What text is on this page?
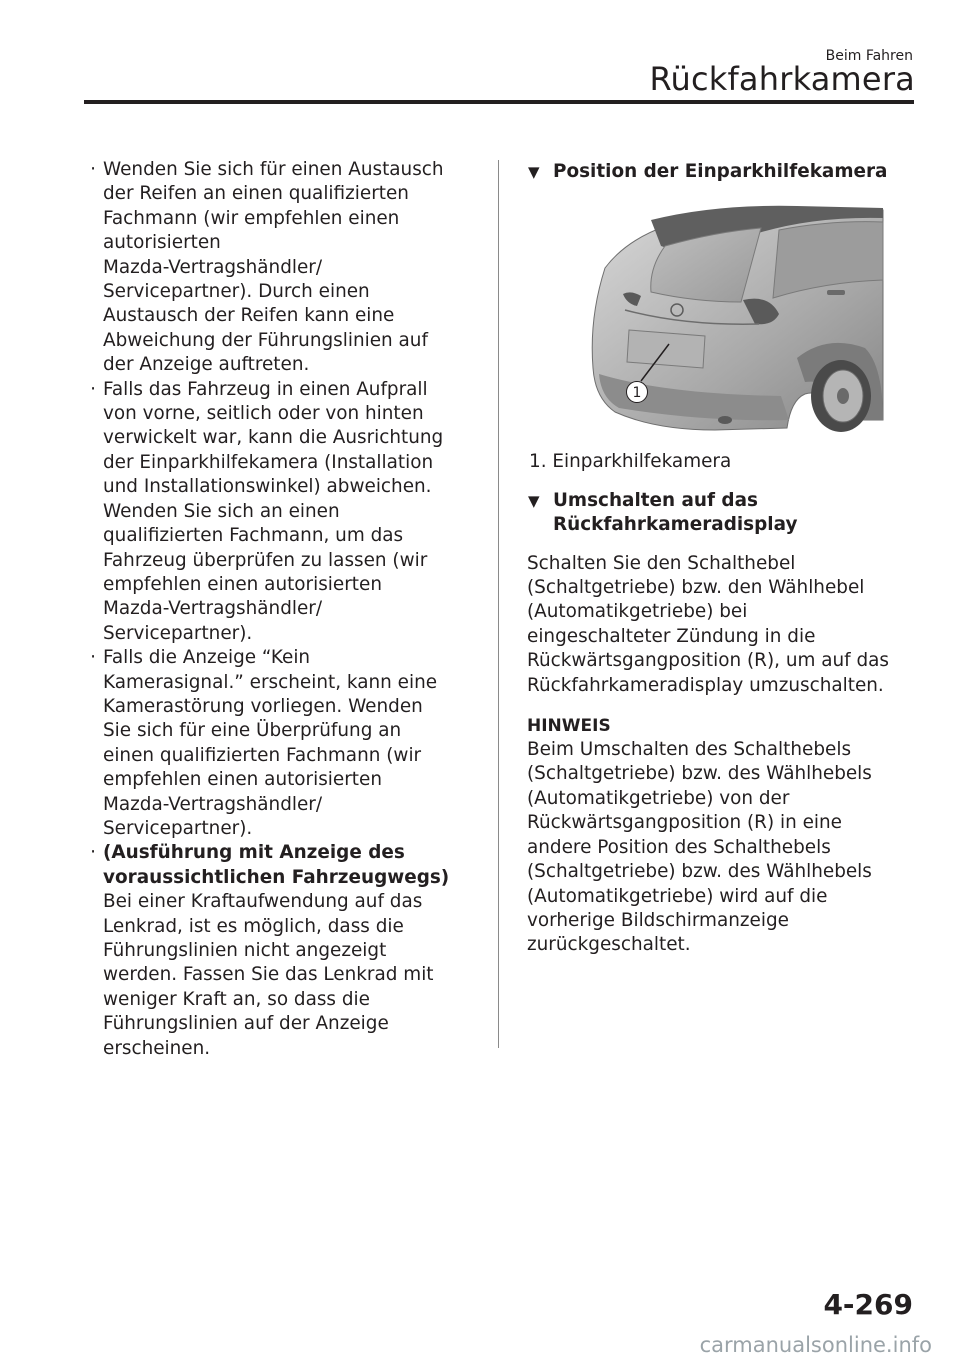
Beim Fahren
Rückfahrkamera
· Wenden Sie sich für einen Austausch
der Reifen an einen qualifizierten
Fachmann (wir empfehlen einen
autorisierten
Mazda-Vertragshändler/
Servicepartner). Durch einen
Austausch der Reifen kann eine
Abweichung der Führungslinien auf
der Anzeige auftreten.
· Falls das Fahrzeug in einen Aufprall
von vorne, seitlich oder von hinten
verwickelt war, kann die Ausrichtung
der Einparkhilfekamera (Installation
und Installationswinkel) abweichen.
Wenden Sie sich an einen
qualifizierten Fachmann, um das
Fahrzeug überprüfen zu lassen (wir
empfehlen einen autorisierten
Mazda-Vertragshändler/
Servicepartner).
· Falls die Anzeige “Kein
Kamerasignal.” erscheint, kann eine
Kamerastörung vorliegen. Wenden
Sie sich für eine Überprüfung an
einen qualifizierten Fachmann (wir
empfehlen einen autorisierten
Mazda-Vertragshändler/
Servicepartner).
· (Ausführung mit Anzeige des
voraussichtlichen Fahrzeugwegs)
Bei einer Kraftaufwendung auf das
Lenkrad, ist es möglich, dass die
Führungslinien nicht angezeigt
werden. Fassen Sie das Lenkrad mit
weniger Kraft an, so dass die
Führungslinien auf der Anzeige
erscheinen.
▼ Position der Einparkhilfekamera
1
1. Einparkhilfekamera
▼ Umschalten auf das
Rückfahrkameradisplay
Schalten Sie den Schalthebel
(Schaltgetriebe) bzw. den Wählhebel
(Automatikgetriebe) bei
eingeschalteter Zündung in die
Rückwärtsgangposition (R), um auf das
Rückfahrkameradisplay umzuschalten.
HINWEIS
Beim Umschalten des Schalthebels
(Schaltgetriebe) bzw. des Wählhebels
(Automatikgetriebe) von der
Rückwärtsgangposition (R) in eine
andere Position des Schalthebels
(Schaltgetriebe) bzw. des Wählhebels
(Automatikgetriebe) wird auf die
vorherige Bildschirmanzeige
zurückgeschaltet.
4-269
carmanualsonline.info
